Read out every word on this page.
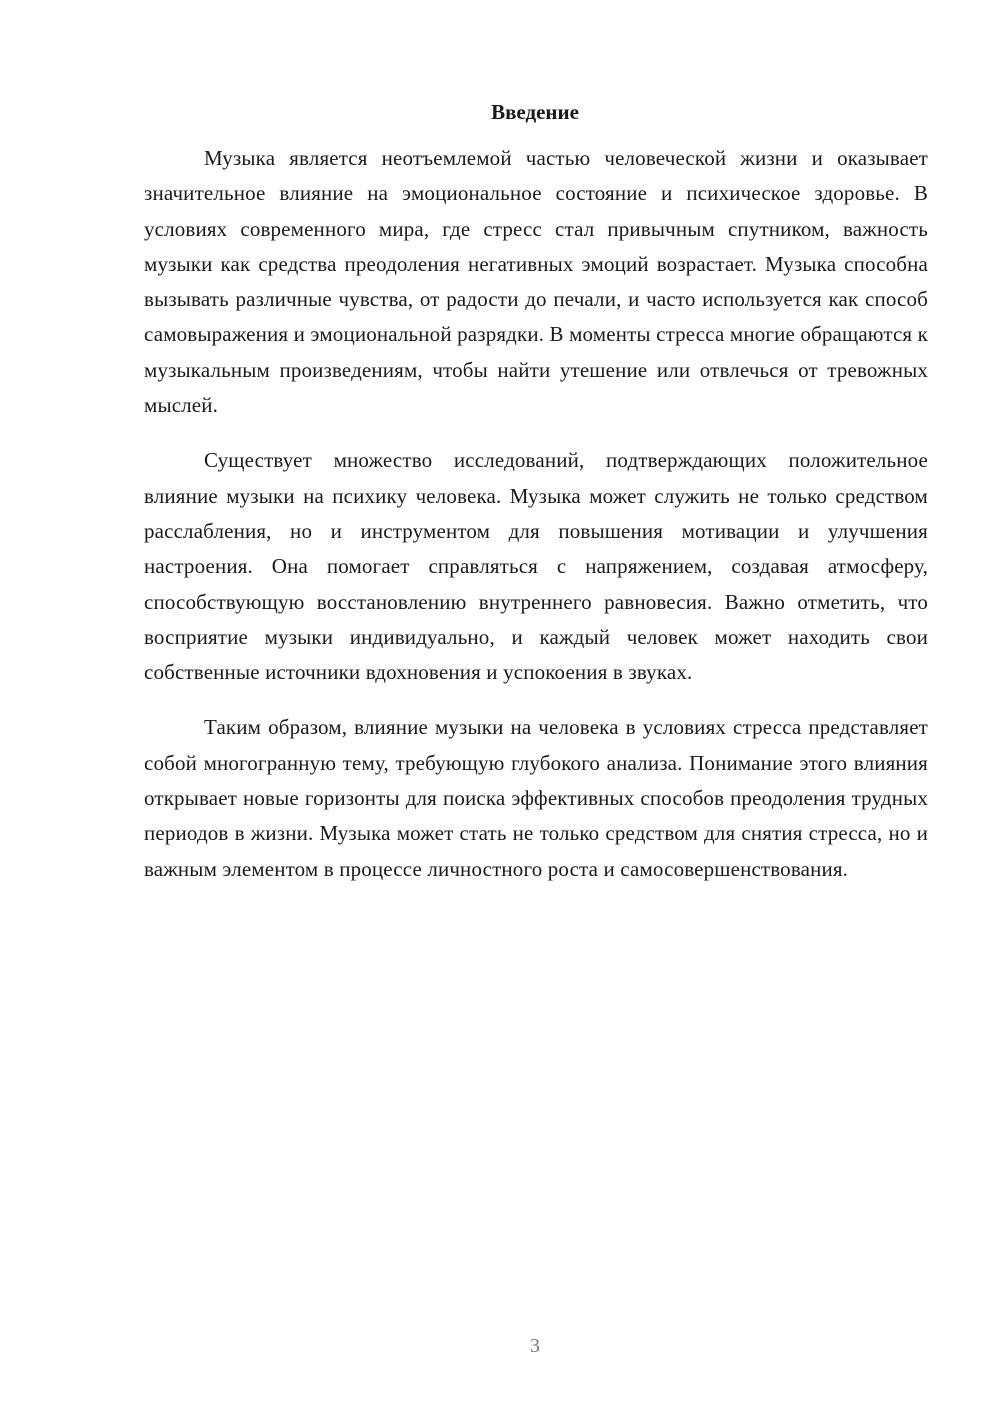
Введение

Музыка является неотъемлемой частью человеческой жизни и оказывает значительное влияние на эмоциональное состояние и психическое здоровье. В условиях современного мира, где стресс стал привычным спутником, важность музыки как средства преодоления негативных эмоций возрастает. Музыка способна вызывать различные чувства, от радости до печали, и часто используется как способ самовыражения и эмоциональной разрядки. В моменты стресса многие обращаются к музыкальным произведениям, чтобы найти утешение или отвлечься от тревожных мыслей.

Существует множество исследований, подтверждающих положительное влияние музыки на психику человека. Музыка может служить не только средством расслабления, но и инструментом для повышения мотивации и улучшения настроения. Она помогает справляться с напряжением, создавая атмосферу, способствующую восстановлению внутреннего равновесия. Важно отметить, что восприятие музыки индивидуально, и каждый человек может находить свои собственные источники вдохновения и успокоения в звуках.

Таким образом, влияние музыки на человека в условиях стресса представляет собой многогранную тему, требующую глубокого анализа. Понимание этого влияния открывает новые горизонты для поиска эффективных способов преодоления трудных периодов в жизни. Музыка может стать не только средством для снятия стресса, но и важным элементом в процессе личностного роста и самосовершенствования.

3
